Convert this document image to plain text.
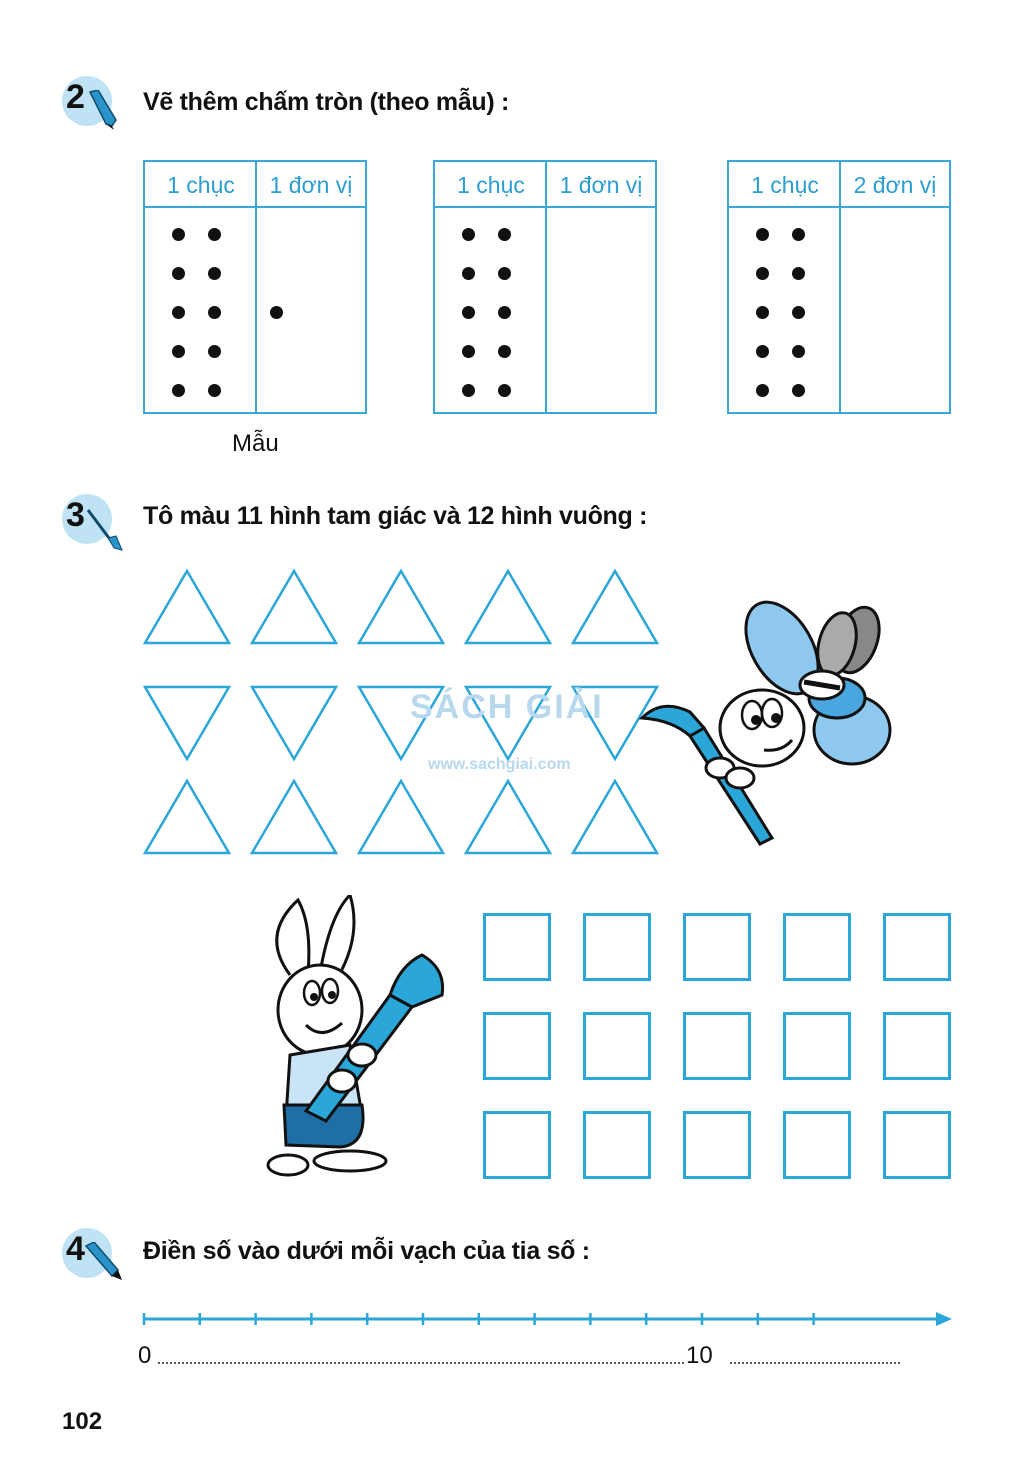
2 Vẽ thêm chấm tròn (theo mẫu) :
1 chục	1 đơn vị	1 chục	1 đơn vị	1 chục	2 đơn vị
Mẫu
3 Tô màu 11 hình tam giác và 12 hình vuông :
SÁCH GIẢI
www.sachgiai.com
4 Điền số vào dưới mỗi vạch của tia số :
0	10
102
